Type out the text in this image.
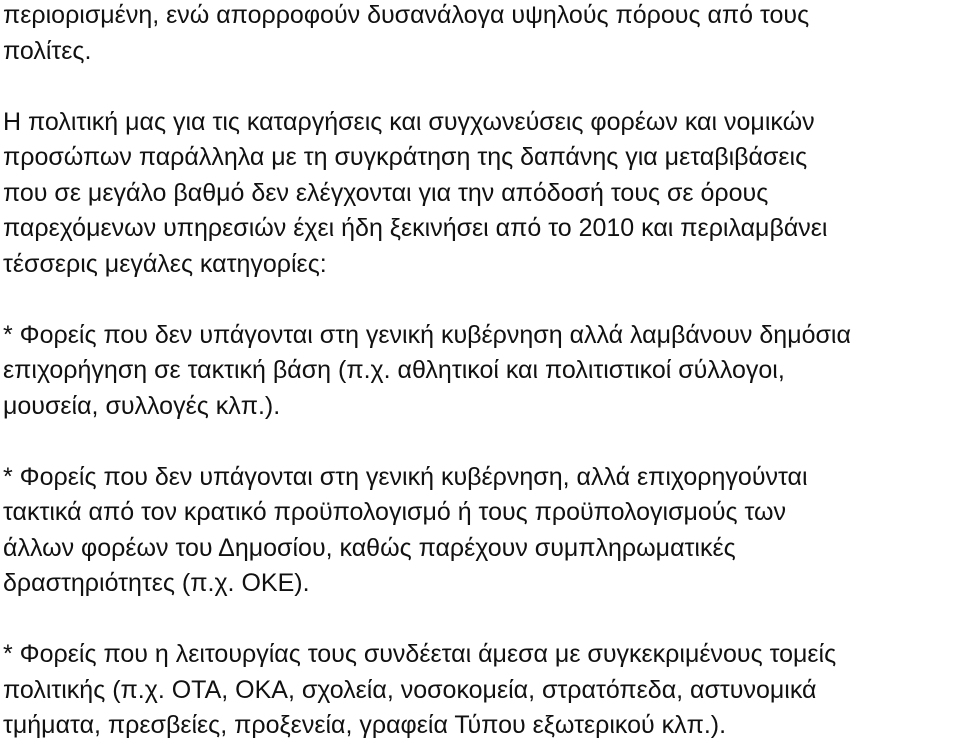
περιορισμένη, ενώ απορροφούν δυσανάλογα υψηλούς πόρους από τους
πολίτες.
Η πολιτική μας για τις καταργήσεις και συγχωνεύσεις φορέων και νομικών
προσώπων παράλληλα με τη συγκράτηση της δαπάνης για μεταβιβάσεις
που σε μεγάλο βαθμό δεν ελέγχονται για την απόδοσή τους σε όρους
παρεχόμενων υπηρεσιών έχει ήδη ξεκινήσει από το 2010 και περιλαμβάνει
τέσσερις μεγάλες κατηγορίες:
* Φορείς που δεν υπάγονται στη γενική κυβέρνηση αλλά λαμβάνουν δημόσια
επιχορήγηση σε τακτική βάση (π.χ. αθλητικοί και πολιτιστικοί σύλλογοι,
μουσεία, συλλογές κλπ.).
* Φορείς που δεν υπάγονται στη γενική κυβέρνηση, αλλά επιχορηγούνται
τακτικά από τον κρατικό προϋπολογισμό ή τους προϋπολογισμούς των
άλλων φορέων του Δημοσίου, καθώς παρέχουν συμπληρωματικές
δραστηριότητες (π.χ. ΟΚΕ).
* Φορείς που η λειτουργίας τους συνδέεται άμεσα με συγκεκριμένους τομείς
πολιτικής (π.χ. ΟΤΑ, ΟΚΑ, σχολεία, νοσοκομεία, στρατόπεδα, αστυνομικά
τμήματα, πρεσβείες, προξενεία, γραφεία Τύπου εξωτερικού κλπ.).
